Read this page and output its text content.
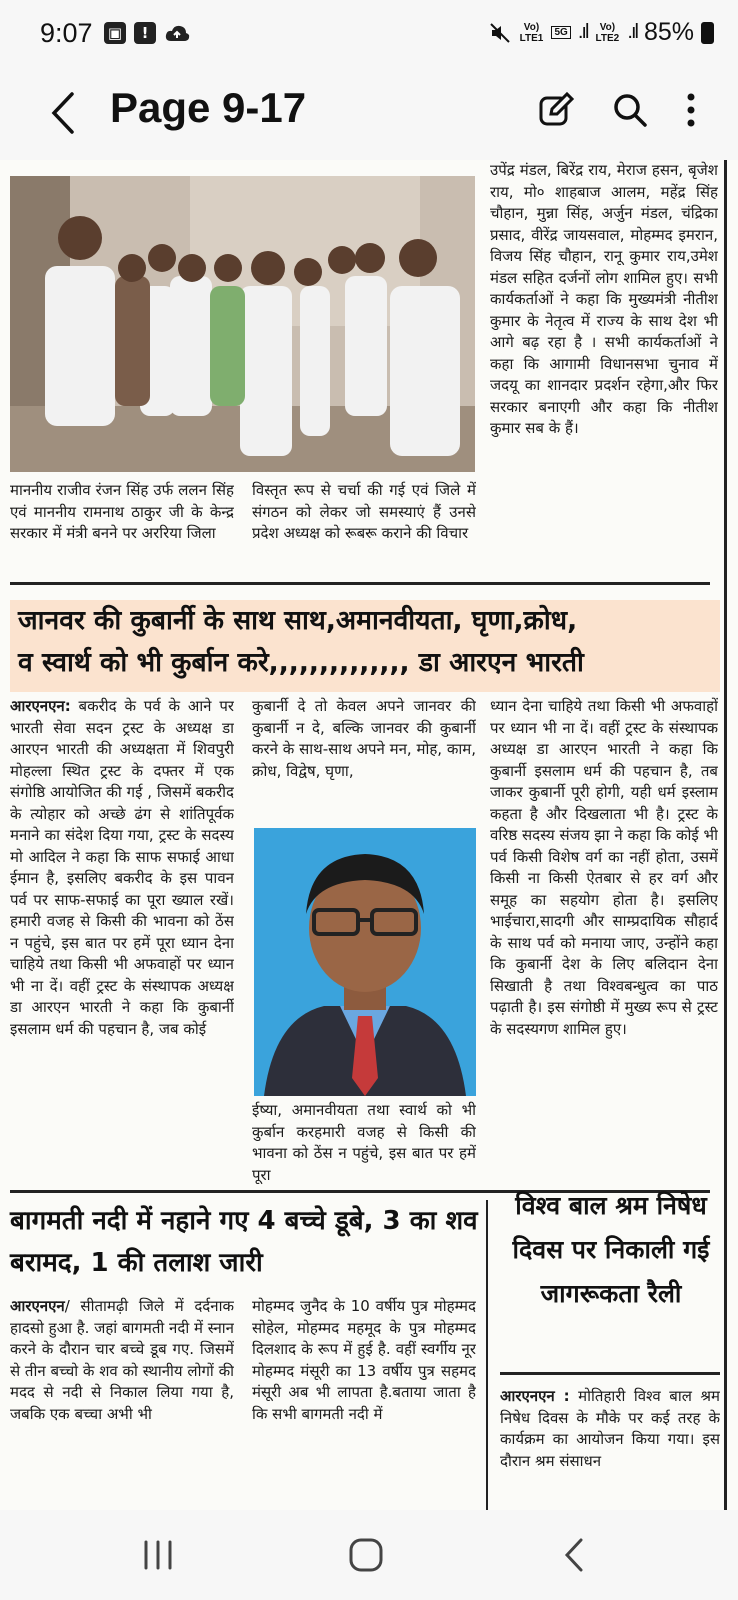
9:07 ▣	!	Vo) LTE1	5G .ıl	Vo) LTE2 .ıl 85%
Page 9-17
उपेंद्र मंडल, बिरेंद्र राय, मेराज हसन, बृजेश राय, मो० शाहबाज आलम, महेंद्र सिंह चौहान, मुन्ना सिंह, अर्जुन मंडल, चंद्रिका प्रसाद, वीरेंद्र जायसवाल, मोहम्मद इमरान, विजय सिंह चौहान, रानू कुमार राय,उमेश मंडल सहित दर्जनों लोग शामिल हुए। सभी कार्यकर्ताओं ने कहा कि मुख्यमंत्री नीतीश कुमार के नेतृत्व में राज्य के साथ देश भी आगे बढ़ रहा है । सभी कार्यकर्ताओं ने कहा कि आगामी विधानसभा चुनाव में जदयू का शानदार प्रदर्शन रहेगा,और फिर सरकार बनाएगी और कहा कि नीतीश कुमार सब के हैं।
माननीय राजीव रंजन सिंह उर्फ ललन सिंह एवं माननीय रामनाथ ठाकुर जी के केन्द्र सरकार में मंत्री बनने पर अररिया जिला
विस्तृत रूप से चर्चा की गई एवं जिले में संगठन को लेकर जो समस्याएं हैं उनसे प्रदेश अध्यक्ष को रूबरू कराने की विचार
जानवर की कुबार्नी के साथ साथ,अमानवीयता, घृणा,क्रोध,
व स्वार्थ को भी कुर्बान करे,,,,,,,,,,,,,, डा आरएन भारती
आरएनएन: बकरीद के पर्व के आने पर भारती सेवा सदन ट्रस्ट के अध्यक्ष डा आरएन भारती की अध्यक्षता में शिवपुरी मोहल्ला स्थित ट्रस्ट के दफ्तर में एक संगोष्ठि आयोजित की गई , जिसमें बकरीद के त्योहार को अच्छे ढंग से शांतिपूर्वक मनाने का संदेश दिया गया, ट्रस्ट के सदस्य मो आदिल ने कहा कि साफ सफाई आधा ईमान है, इसलिए बकरीद के इस पावन पर्व पर साफ-सफाई का पूरा ख्याल रखें। हमारी वजह से किसी की भावना को ठेंस न पहुंचे, इस बात पर हमें पूरा ध्यान देना चाहिये तथा किसी भी अफवाहों पर ध्यान भी ना दें। वहीं ट्रस्ट के संस्थापक अध्यक्ष डा आरएन भारती ने कहा कि कुबार्नी इसलाम धर्म की पहचान है, जब कोई
कुबार्नी दे तो केवल अपने जानवर की कुबार्नी न दे, बल्कि जानवर की कुबार्नी करने के साथ-साथ अपने मन, मोह, काम, क्रोध, विद्वेष, घृणा,
ईष्या, अमानवीयता तथा स्वार्थ को भी कुर्बान करहमारी वजह से किसी की भावना को ठेंस न पहुंचे, इस बात पर हमें पूरा
ध्यान देना चाहिये तथा किसी भी अफवाहों पर ध्यान भी ना दें। वहीं ट्रस्ट के संस्थापक अध्यक्ष डा आरएन भारती ने कहा कि कुबार्नी इसलाम धर्म की पहचान है, तब जाकर कुबार्नी पूरी होगी, यही धर्म इस्लाम कहता है और दिखलाता भी है। ट्रस्ट के वरिष्ठ सदस्य संजय झा ने कहा कि कोई भी पर्व किसी विशेष वर्ग का नहीं होता, उसमें किसी ना किसी ऐतबार से हर वर्ग और समूह का सहयोग होता है। इसलिए भाईचारा,सादगी और साम्प्रदायिक सौहार्द के साथ पर्व को मनाया जाए, उन्होंने कहा कि कुबार्नी देश के लिए बलिदान देना सिखाती है तथा विश्वबन्धुत्व का पाठ पढ़ाती है। इस संगोष्ठी में मुख्य रूप से ट्रस्ट के सदस्यगण शामिल हुए।
बागमती नदी में नहाने गए 4 बच्चे डूबे, 3 का शव बरामद, 1 की तलाश जारी
आरएनएन/ सीतामढ़ी जिले में दर्दनाक हादसो हुआ है. जहां बागमती नदी में स्नान करने के दौरान चार बच्चे डूब गए. जिसमें से तीन बच्चो के शव को स्थानीय लोगों की मदद से नदी से निकाल लिया गया है, जबकि एक बच्चा अभी भी
मोहम्मद जुनैद के 10 वर्षीय पुत्र मोहम्मद सोहेल, मोहम्मद महमूद के पुत्र मोहम्मद दिलशाद के रूप में हुई है. वहीं स्वर्गीय नूर मोहम्मद मंसूरी का 13 वर्षीय पुत्र सहमद मंसूरी अब भी लापता है.बताया जाता है कि सभी बागमती नदी में
विश्व बाल श्रम निषेध दिवस पर निकाली गई जागरूकता रैली
आरएनएन : मोतिहारी विश्व बाल श्रम निषेध दिवस के मौके पर कई तरह के कार्यक्रम का आयोजन किया गया। इस दौरान श्रम संसाधन
